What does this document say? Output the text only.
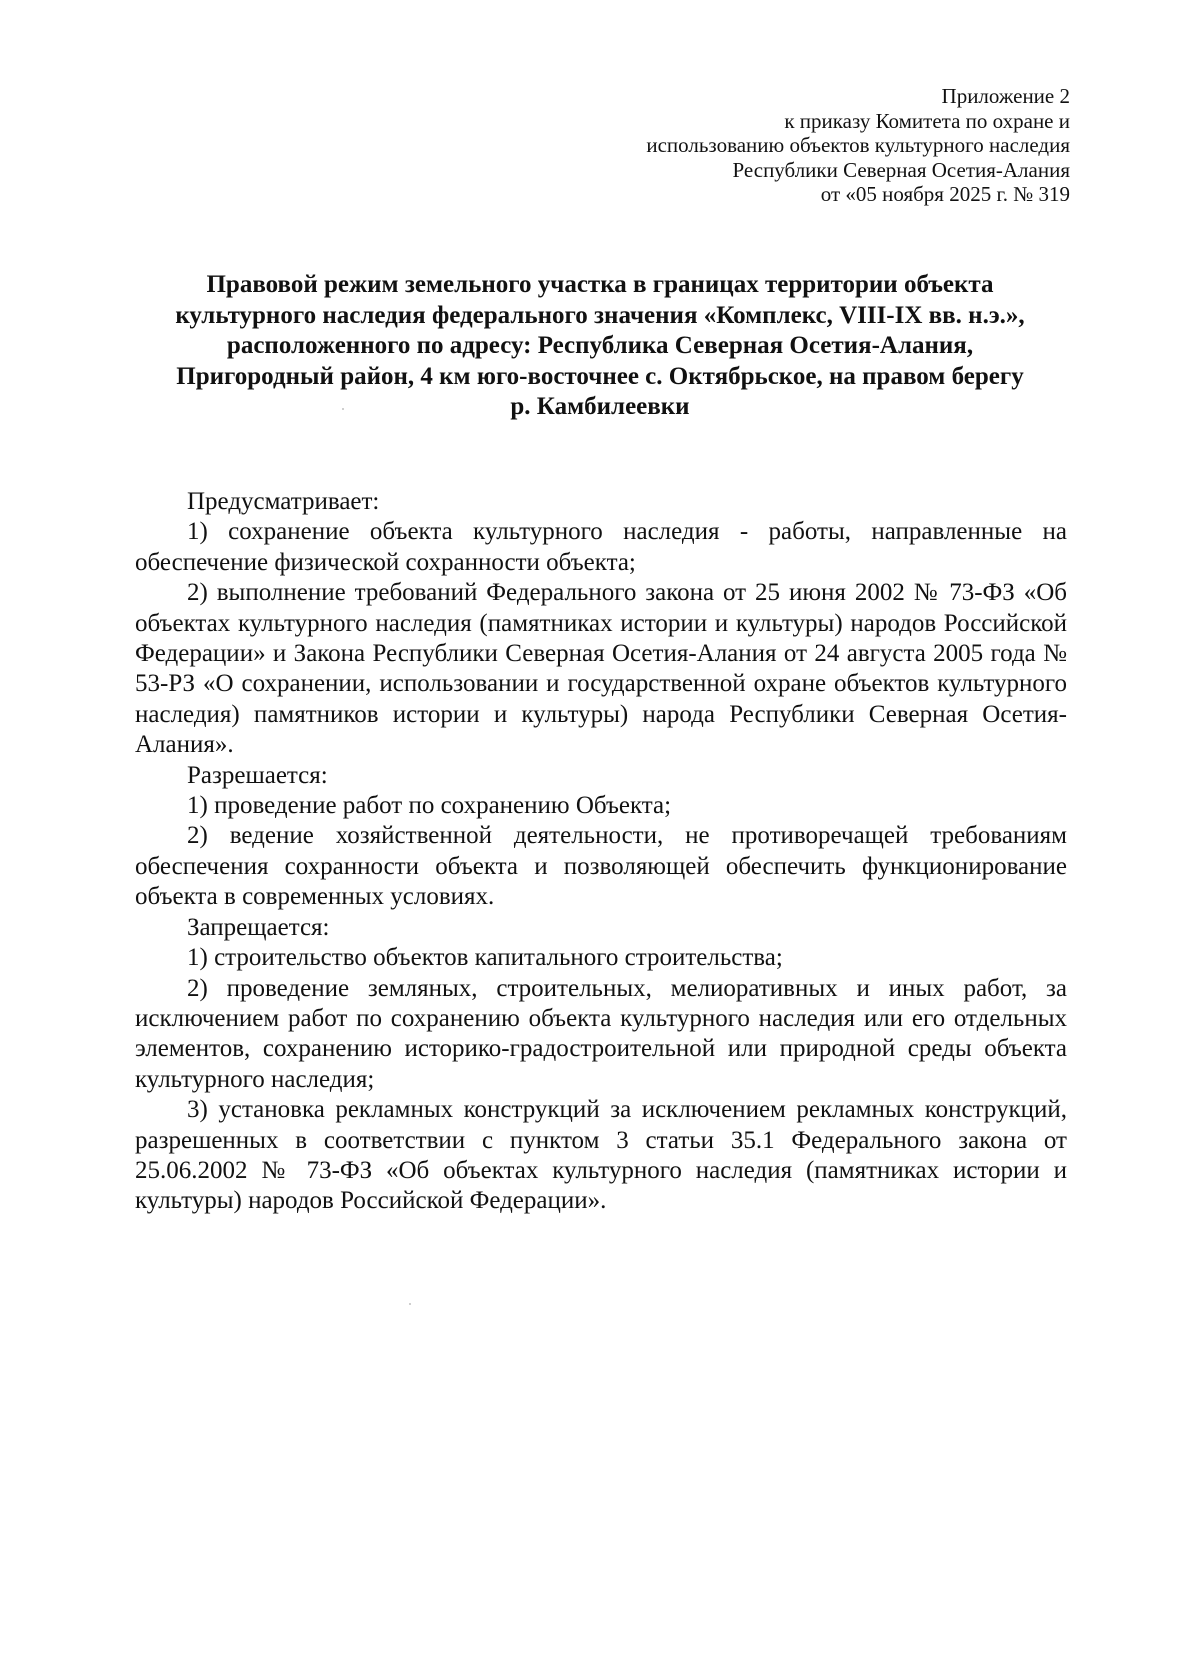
Приложение 2
к приказу Комитета по охране и
использованию объектов культурного наследия
Республики Северная Осетия-Алания
от «05 ноября 2025 г. № 319
Правовой режим земельного участка в границах территории объекта
культурного наследия федерального значения «Комплекс, VIII-IX вв. н.э.»,
расположенного по адресу: Республика Северная Осетия-Алания,
Пригородный район, 4 км юго-восточнее с. Октябрьское, на правом берегу
р. Камбилеевки

Предусматривает:

1) сохранение объекта культурного наследия - работы, направленные на обеспечение физической сохранности объекта;

2) выполнение требований Федерального закона от 25 июня 2002 № 73-ФЗ «Об объектах культурного наследия (памятниках истории и культуры) народов Российской Федерации» и Закона Республики Северная Осетия-Алания от 24 августа 2005 года № 53-РЗ «О сохранении, использовании и государственной охране объектов культурного наследия) памятников истории и культуры) народа Республики Северная Осетия-Алания».

Разрешается:

1) проведение работ по сохранению Объекта;

2) ведение хозяйственной деятельности, не противоречащей требованиям обеспечения сохранности объекта и позволяющей обеспечить функционирование объекта в современных условиях.

Запрещается:

1) строительство объектов капитального строительства;

2) проведение земляных, строительных, мелиоративных и иных работ, за исключением работ по сохранению объекта культурного наследия или его отдельных элементов, сохранению историко-градостроительной или природной среды объекта культурного наследия;

3) установка рекламных конструкций за исключением рекламных конструкций, разрешенных в соответствии с пунктом 3 статьи 35.1 Федерального закона от 25.06.2002 № 73-ФЗ «Об объектах культурного наследия (памятниках истории и культуры) народов Российской Федерации».
